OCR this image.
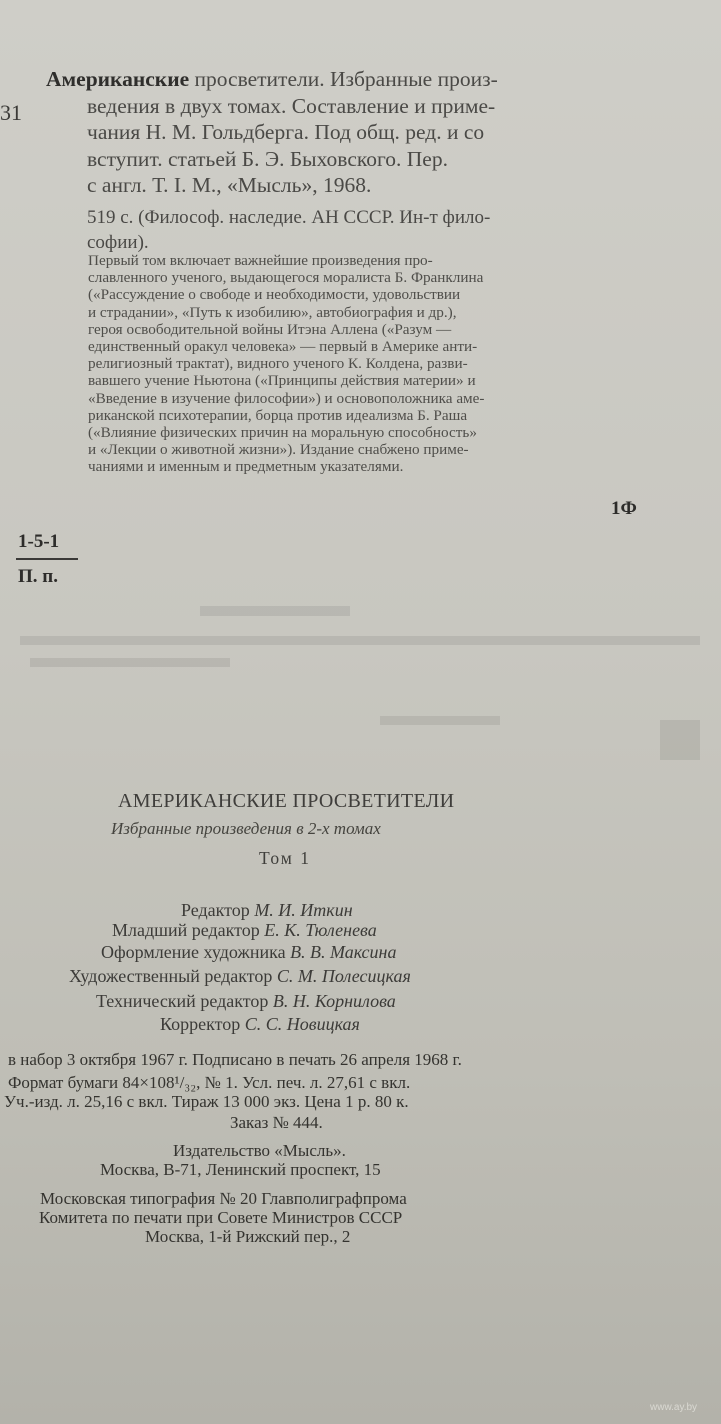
31

Американские просветители. Избранные произ-
ведения в двух томах. Составление и приме-
чания Н. М. Гольдберга. Под общ. ред. и со
вступит. статьей Б. Э. Быховского. Пер.
с англ. Т. I. М., «Мысль», 1968.
519 с. (Философ. наследие. АН СССР. Ин-т фило-
софии).
Первый том включает важнейшие произведения про-
славленного ученого, выдающегося моралиста Б. Франклина
(«Рассуждение о свободе и необходимости, удовольствии
и страдании», «Путь к изобилию», автобиография и др.),
героя освободительной войны Итэна Аллена («Разум —
единственный оракул человека» — первый в Америке анти-
религиозный трактат), видного ученого К. Колдена, разви-
вавшего учение Ньютона («Принципы действия материи» и
«Введение в изучение философии») и основоположника аме-
риканской психотерапии, борца против идеализма Б. Раша
(«Влияние физических причин на моральную способность»
и «Лекции о животной жизни»). Издание снабжено приме-
чаниями и именным и предметным указателями.

1Ф

1-5-1

П. п.

АМЕРИКАНСКИЕ ПРОСВЕТИТЕЛИ

Избранные произведения в 2-х томах

Том 1

Редактор М. И. Иткин

Младший редактор Е. К. Тюленева

Оформление художника В. В. Максина

Художественный редактор С. М. Полесицкая

Технический редактор В. Н. Корнилова

Корректор С. С. Новицкая

в набор 3 октября 1967 г. Подписано в печать 26 апреля 1968 г.

Формат бумаги 84×108¹/₃₂, № 1. Усл. печ. л. 27,61 с вкл.

Уч.-изд. л. 25,16 с вкл. Тираж 13 000 экз. Цена 1 р. 80 к.

Заказ № 444.

Издательство «Мысль».

Москва, В-71, Ленинский проспект, 15

Московская типография № 20 Главполиграфпрома

Комитета по печати при Совете Министров СССР

Москва, 1-й Рижский пер., 2

www.ay.by
